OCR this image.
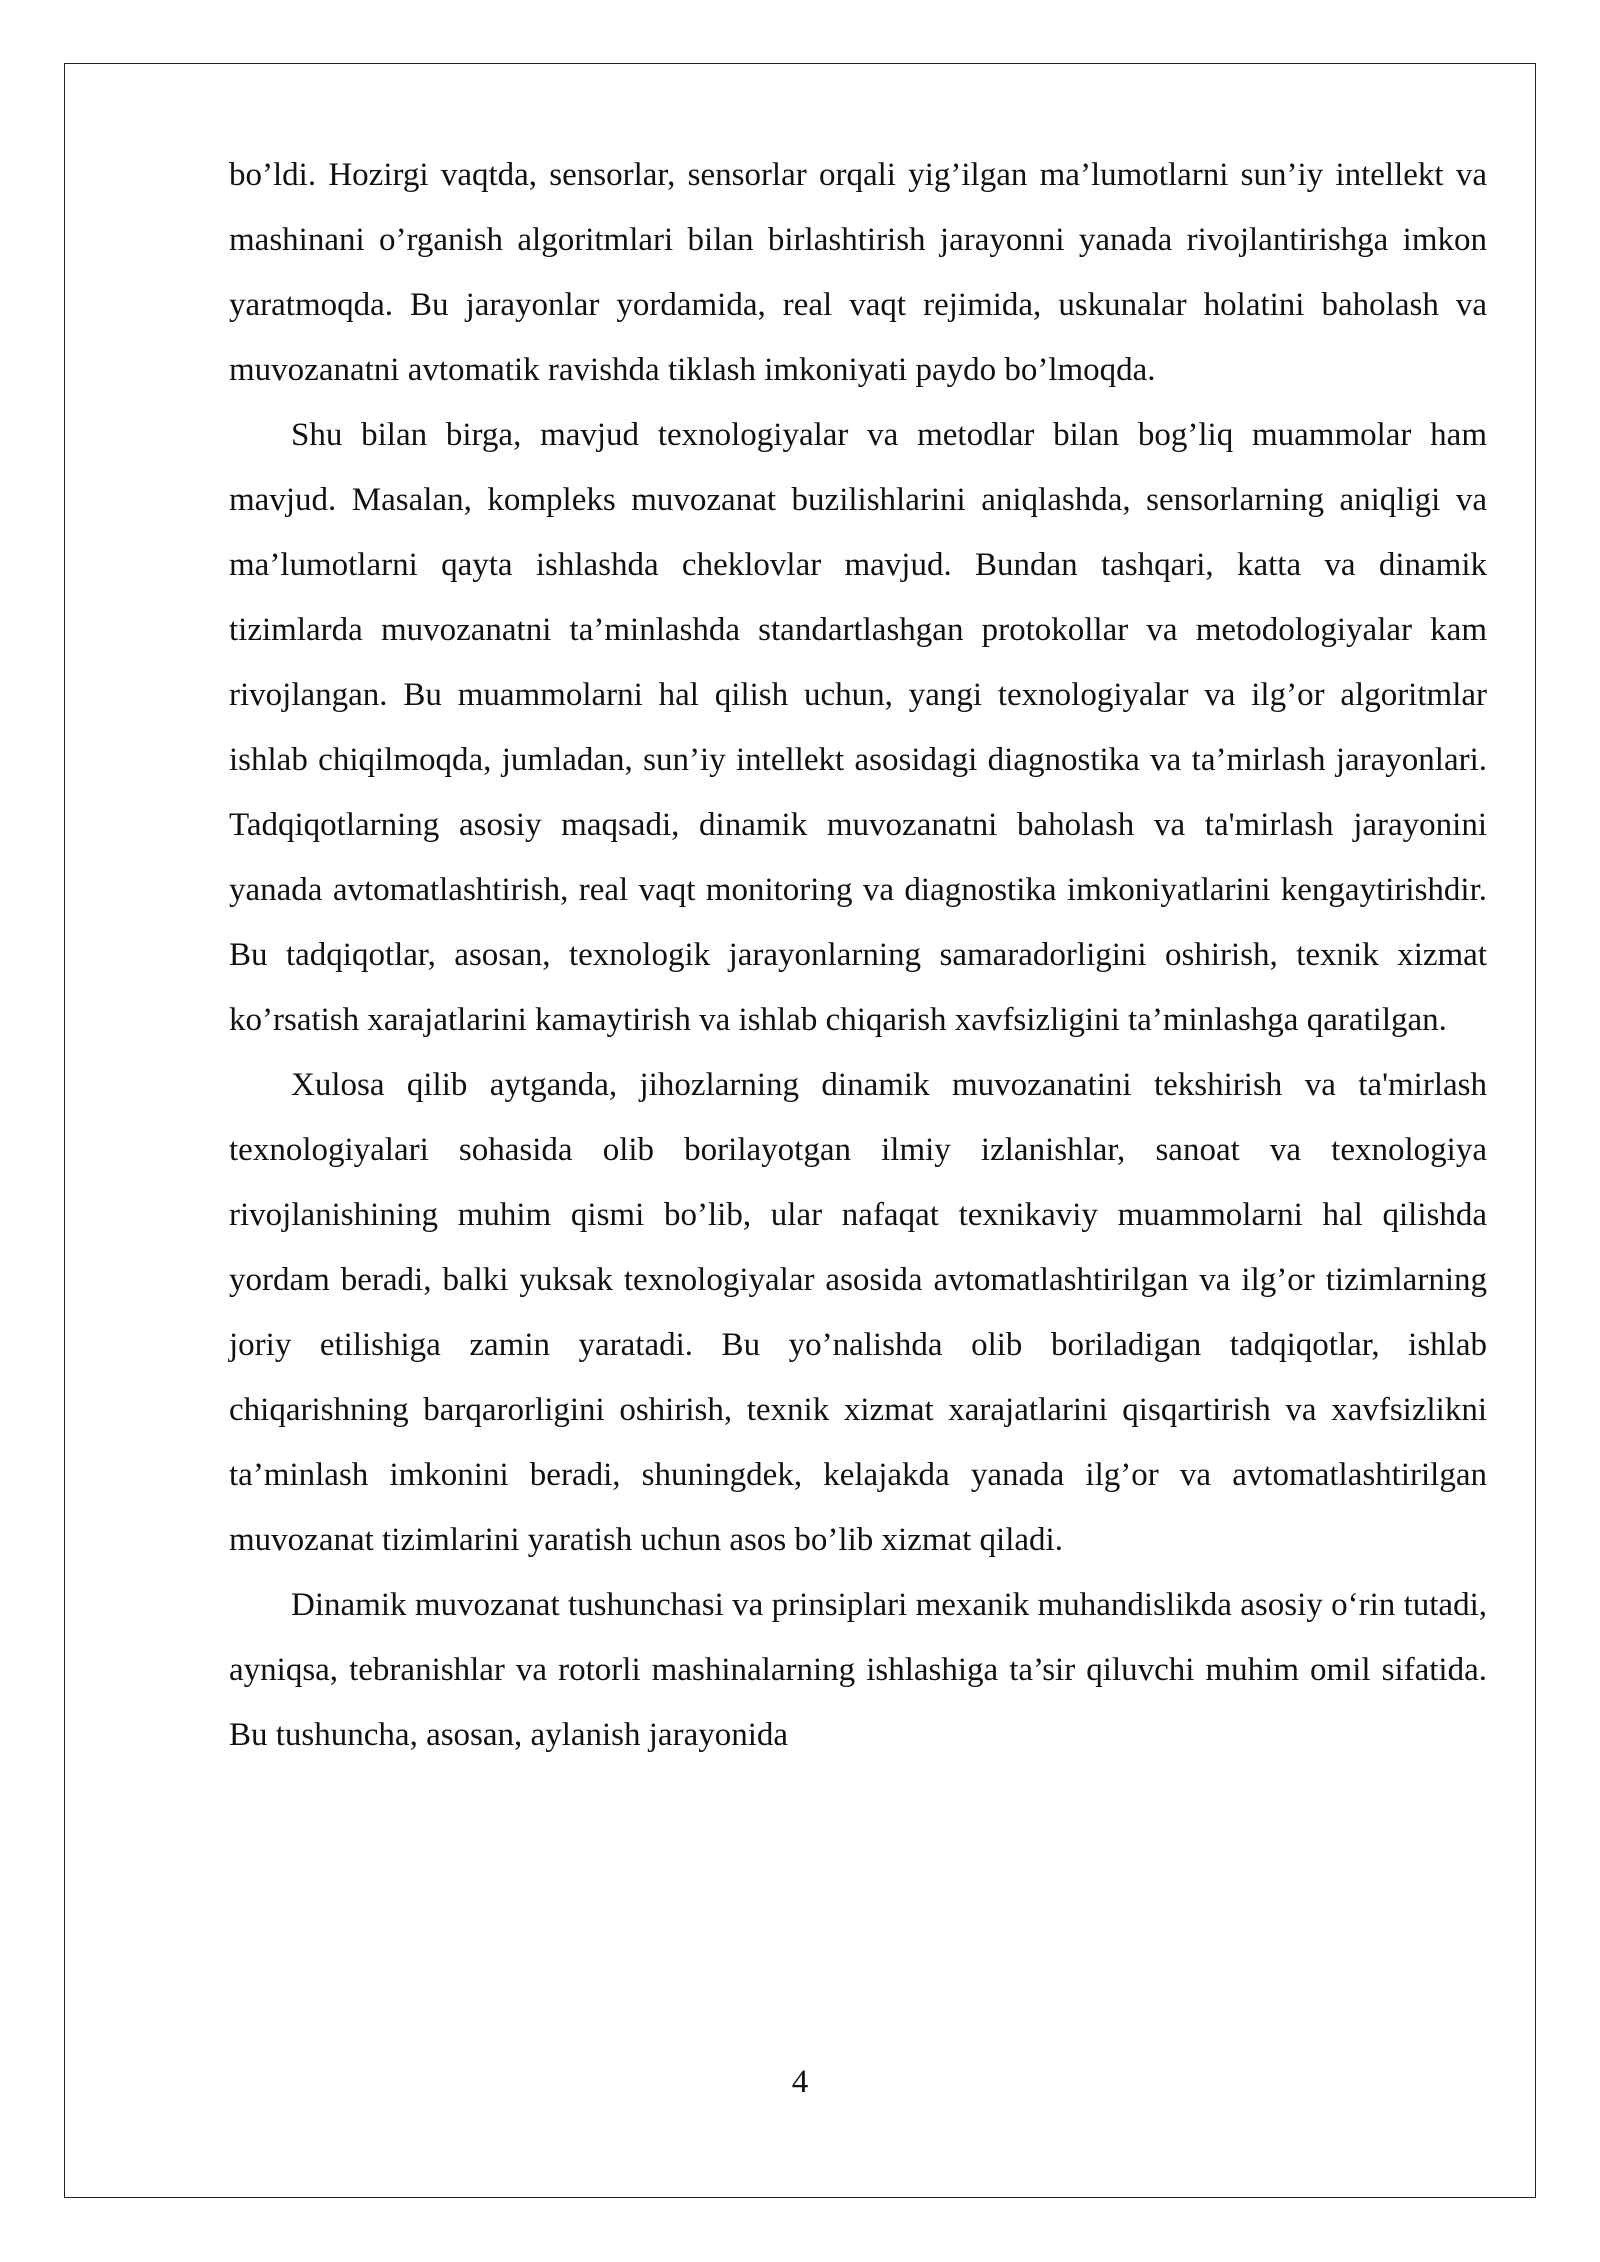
bo’ldi. Hozirgi vaqtda, sensorlar, sensorlar orqali yig’ilgan ma’lumotlarni sun’iy intellekt va mashinani o’rganish algoritmlari bilan birlashtirish jarayonni yanada rivojlantirishga imkon yaratmoqda. Bu jarayonlar yordamida, real vaqt rejimida, uskunalar holatini baholash va muvozanatni avtomatik ravishda tiklash imkoniyati paydo bo’lmoqda.

Shu bilan birga, mavjud texnologiyalar va metodlar bilan bog’liq muammolar ham mavjud. Masalan, kompleks muvozanat buzilishlarini aniqlashda, sensorlarning aniqligi va ma’lumotlarni qayta ishlashda cheklovlar mavjud. Bundan tashqari, katta va dinamik tizimlarda muvozanatni ta’minlashda standartlashgan protokollar va metodologiyalar kam rivojlangan. Bu muammolarni hal qilish uchun, yangi texnologiyalar va ilg’or algoritmlar ishlab chiqilmoqda, jumladan, sun’iy intellekt asosidagi diagnostika va ta’mirlash jarayonlari. Tadqiqotlarning asosiy maqsadi, dinamik muvozanatni baholash va ta'mirlash jarayonini yanada avtomatlashtirish, real vaqt monitoring va diagnostika imkoniyatlarini kengaytirishdir. Bu tadqiqotlar, asosan, texnologik jarayonlarning samaradorligini oshirish, texnik xizmat ko’rsatish xarajatlarini kamaytirish va ishlab chiqarish xavfsizligini ta’minlashga qaratilgan.

Xulosa qilib aytganda, jihozlarning dinamik muvozanatini tekshirish va ta'mirlash texnologiyalari sohasida olib borilayotgan ilmiy izlanishlar, sanoat va texnologiya rivojlanishining muhim qismi bo’lib, ular nafaqat texnikaviy muammolarni hal qilishda yordam beradi, balki yuksak texnologiyalar asosida avtomatlashtirilgan va ilg’or tizimlarning joriy etilishiga zamin yaratadi. Bu yo’nalishda olib boriladigan tadqiqotlar, ishlab chiqarishning barqarorligini oshirish, texnik xizmat xarajatlarini qisqartirish va xavfsizlikni ta’minlash imkonini beradi, shuningdek, kelajakda yanada ilg’or va avtomatlashtirilgan muvozanat tizimlarini yaratish uchun asos bo’lib xizmat qiladi.

Dinamik muvozanat tushunchasi va prinsiplari mexanik muhandislikda asosiy o‘rin tutadi, ayniqsa, tebranishlar va rotorli mashinalarning ishlashiga ta’sir qiluvchi muhim omil sifatida. Bu tushuncha, asosan, aylanish jarayonida

4
